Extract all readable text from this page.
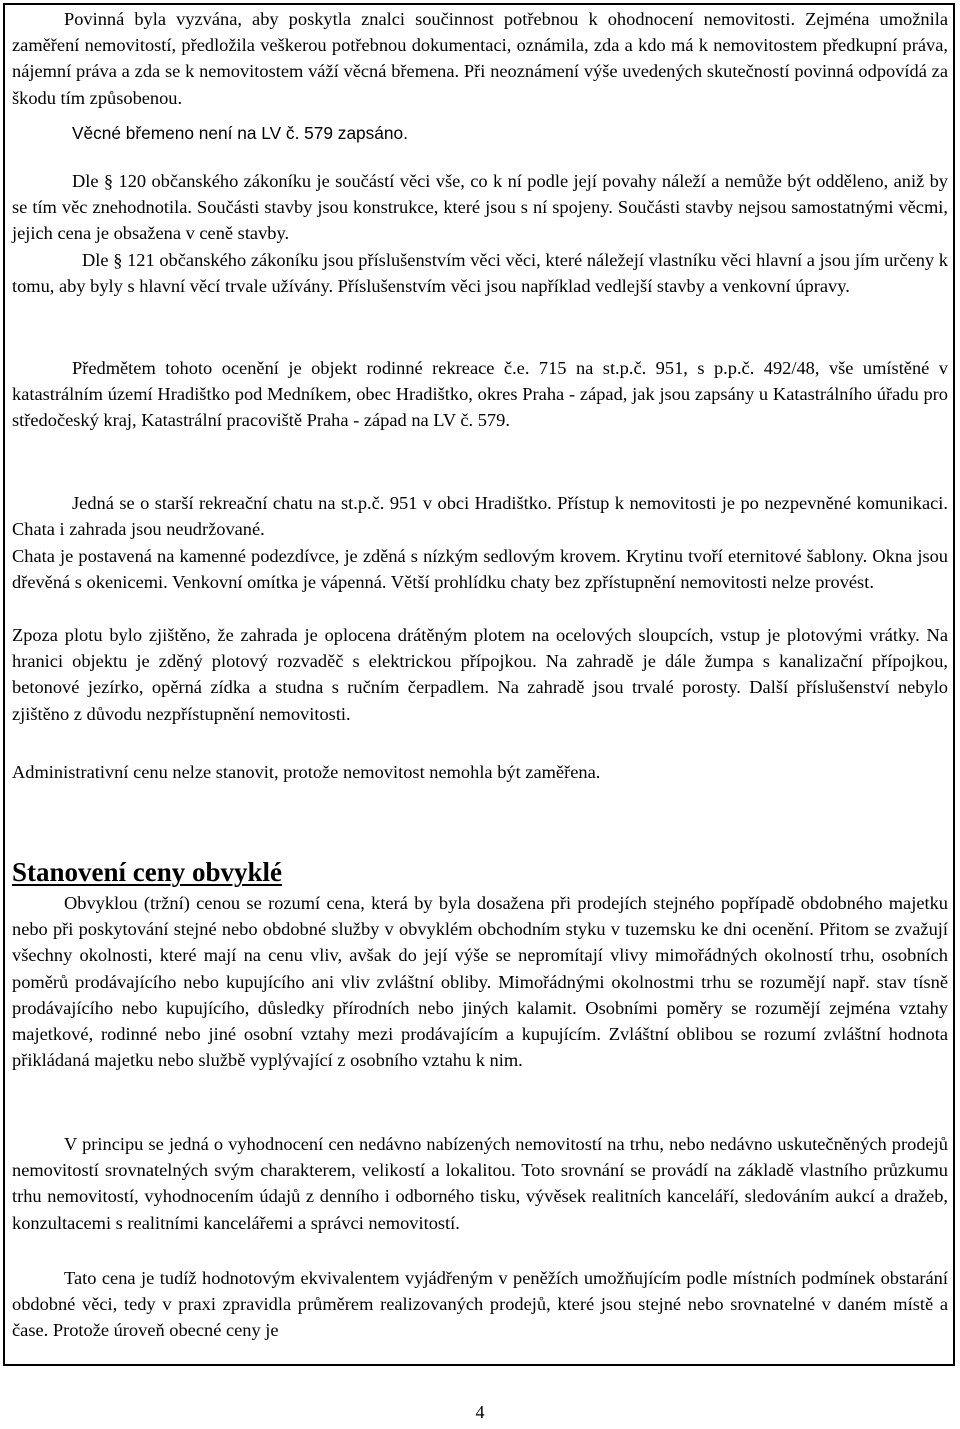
Povinná byla vyzvána, aby poskytla znalci součinnost potřebnou k ohodnocení nemovitosti. Zejména umožnila zaměření nemovitostí, předložila veškerou potřebnou dokumentaci, oznámila, zda a kdo má k nemovitostem předkupní práva, nájemní práva a zda se k nemovitostem váží věcná břemena. Při neoznámení výše uvedených skutečností povinná odpovídá za škodu tím způsobenou.

Věcné břemeno není na LV č. 579 zapsáno.

Dle § 120 občanského zákoníku je součástí věci vše, co k ní podle její povahy náleží a nemůže být odděleno, aniž by se tím věc znehodnotila. Součásti stavby jsou konstrukce, které jsou s ní spojeny. Součásti stavby nejsou samostatnými věcmi, jejich cena je obsažena v ceně stavby.

Dle § 121 občanského zákoníku jsou příslušenstvím věci věci, které náležejí vlastníku věci hlavní a jsou jím určeny k tomu, aby byly s hlavní věcí trvale užívány. Příslušenstvím věci jsou například vedlejší stavby a venkovní úpravy.

Předmětem tohoto ocenění je objekt rodinné rekreace č.e. 715 na st.p.č. 951, s p.p.č. 492/48, vše umístěné v katastrálním území Hradištko pod Medníkem, obec Hradištko, okres Praha - západ, jak jsou zapsány u Katastrálního úřadu pro středočeský kraj, Katastrální pracoviště Praha - západ na LV č. 579.

Jedná se o starší rekreační chatu na st.p.č. 951 v obci Hradištko. Přístup k nemovitosti je po nezpevněné komunikaci. Chata i zahrada jsou neudržované.

Chata je postavená na kamenné podezdívce, je zděná s nízkým sedlovým krovem. Krytinu tvoří eternitové šablony. Okna jsou dřevěná s okenicemi. Venkovní omítka je vápenná. Větší prohlídku chaty bez zpřístupnění nemovitosti nelze provést.

Zpoza plotu bylo zjištěno, že zahrada je oplocena drátěným plotem na ocelových sloupcích, vstup je plotovými vrátky. Na hranici objektu je zděný plotový rozvaděč s elektrickou přípojkou. Na zahradě je dále žumpa s kanalizační přípojkou, betonové jezírko, opěrná zídka a studna s ručním čerpadlem. Na zahradě jsou trvalé porosty. Další příslušenství nebylo zjištěno z důvodu nezpřístupnění nemovitosti.

Administrativní cenu nelze stanovit, protože nemovitost nemohla být zaměřena.

Stanovení ceny obvyklé

Obvyklou (tržní) cenou se rozumí cena, která by byla dosažena při prodejích stejného popřípadě obdobného majetku nebo při poskytování stejné nebo obdobné služby v obvyklém obchodním styku v tuzemsku ke dni ocenění. Přitom se zvažují všechny okolnosti, které mají na cenu vliv, avšak do její výše se nepromítají vlivy mimořádných okolností trhu, osobních poměrů prodávajícího nebo kupujícího ani vliv zvláštní obliby. Mimořádnými okolnostmi trhu se rozumějí např. stav tísně prodávajícího nebo kupujícího, důsledky přírodních nebo jiných kalamit. Osobními poměry se rozumějí zejména vztahy majetkové, rodinné nebo jiné osobní vztahy mezi prodávajícím a kupujícím. Zvláštní oblibou se rozumí zvláštní hodnota přikládaná majetku nebo službě vyplývající z osobního vztahu k nim.

V principu se jedná o vyhodnocení cen nedávno nabízených nemovitostí na trhu, nebo nedávno uskutečněných prodejů nemovitostí srovnatelných svým charakterem, velikostí a lokalitou. Toto srovnání se provádí na základě vlastního průzkumu trhu nemovitostí, vyhodnocením údajů z denního i odborného tisku, vývěsek realitních kanceláří, sledováním aukcí a dražeb, konzultacemi s realitními kancelářemi a správci nemovitostí.

Tato cena je tudíž hodnotovým ekvivalentem vyjádřeným v peněžích umožňujícím podle místních podmínek obstarání obdobné věci, tedy v praxi zpravidla průměrem realizovaných prodejů, které jsou stejné nebo srovnatelné v daném místě a čase. Protože úroveň obecné ceny je

4
